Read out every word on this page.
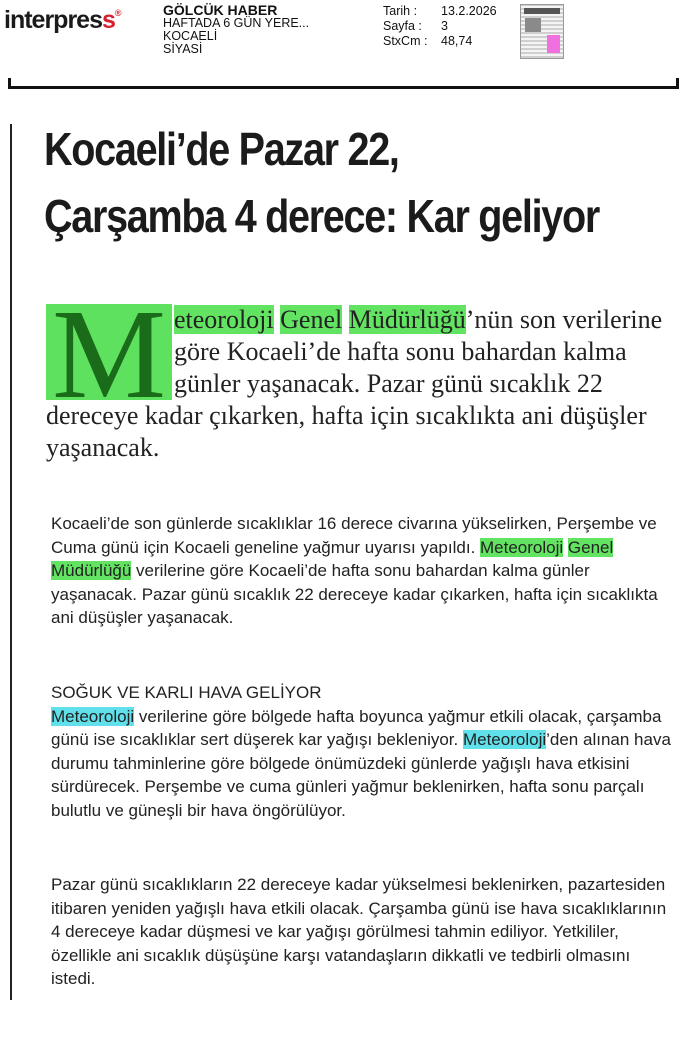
interpress®	GÖLCÜK HABER
HAFTADA 6 GÜN YERE...
KOCAELİ
SİYASİ
Tarih :	13.2.2026
Sayfa :	3
StxCm :	48,74
Kocaeli’de Pazar 22,
Çarşamba 4 derece: Kar geliyor
M eteoroloji Genel Müdürlüğü’nün son verilerine göre Kocaeli’de hafta sonu bahardan kalma günler yaşanacak. Pazar günü sıcaklık 22 dereceye kadar çıkarken, hafta için sıcaklıkta ani düşüşler yaşanacak.
Kocaeli’de son günlerde sıcaklıklar 16 derece civarına yükselirken, Perşembe ve Cuma günü için Kocaeli geneline yağmur uyarısı yapıldı. Meteoroloji Genel Müdürlüğü verilerine göre Kocaeli’de hafta sonu bahardan kalma günler yaşanacak. Pazar günü sıcaklık 22 dereceye kadar çıkarken, hafta için sıcaklıkta ani düşüşler yaşanacak.
SOĞUK VE KARLI HAVA GELİYOR
Meteoroloji verilerine göre bölgede hafta boyunca yağmur etkili olacak, çarşamba günü ise sıcaklıklar sert düşerek kar yağışı bekleniyor. Meteoroloji’den alınan hava durumu tahminlerine göre bölgede önümüzdeki günlerde yağışlı hava etkisini sürdürecek. Perşembe ve cuma günleri yağmur beklenirken, hafta sonu parçalı bulutlu ve güneşli bir hava öngörülüyor.
Pazar günü sıcaklıkların 22 dereceye kadar yükselmesi beklenirken, pazartesiden itibaren yeniden yağışlı hava etkili olacak. Çarşamba günü ise hava sıcaklıklarının 4 dereceye kadar düşmesi ve kar yağışı görülmesi tahmin ediliyor. Yetkililer, özellikle ani sıcaklık düşüşüne karşı vatandaşların dikkatli ve tedbirli olmasını istedi.
